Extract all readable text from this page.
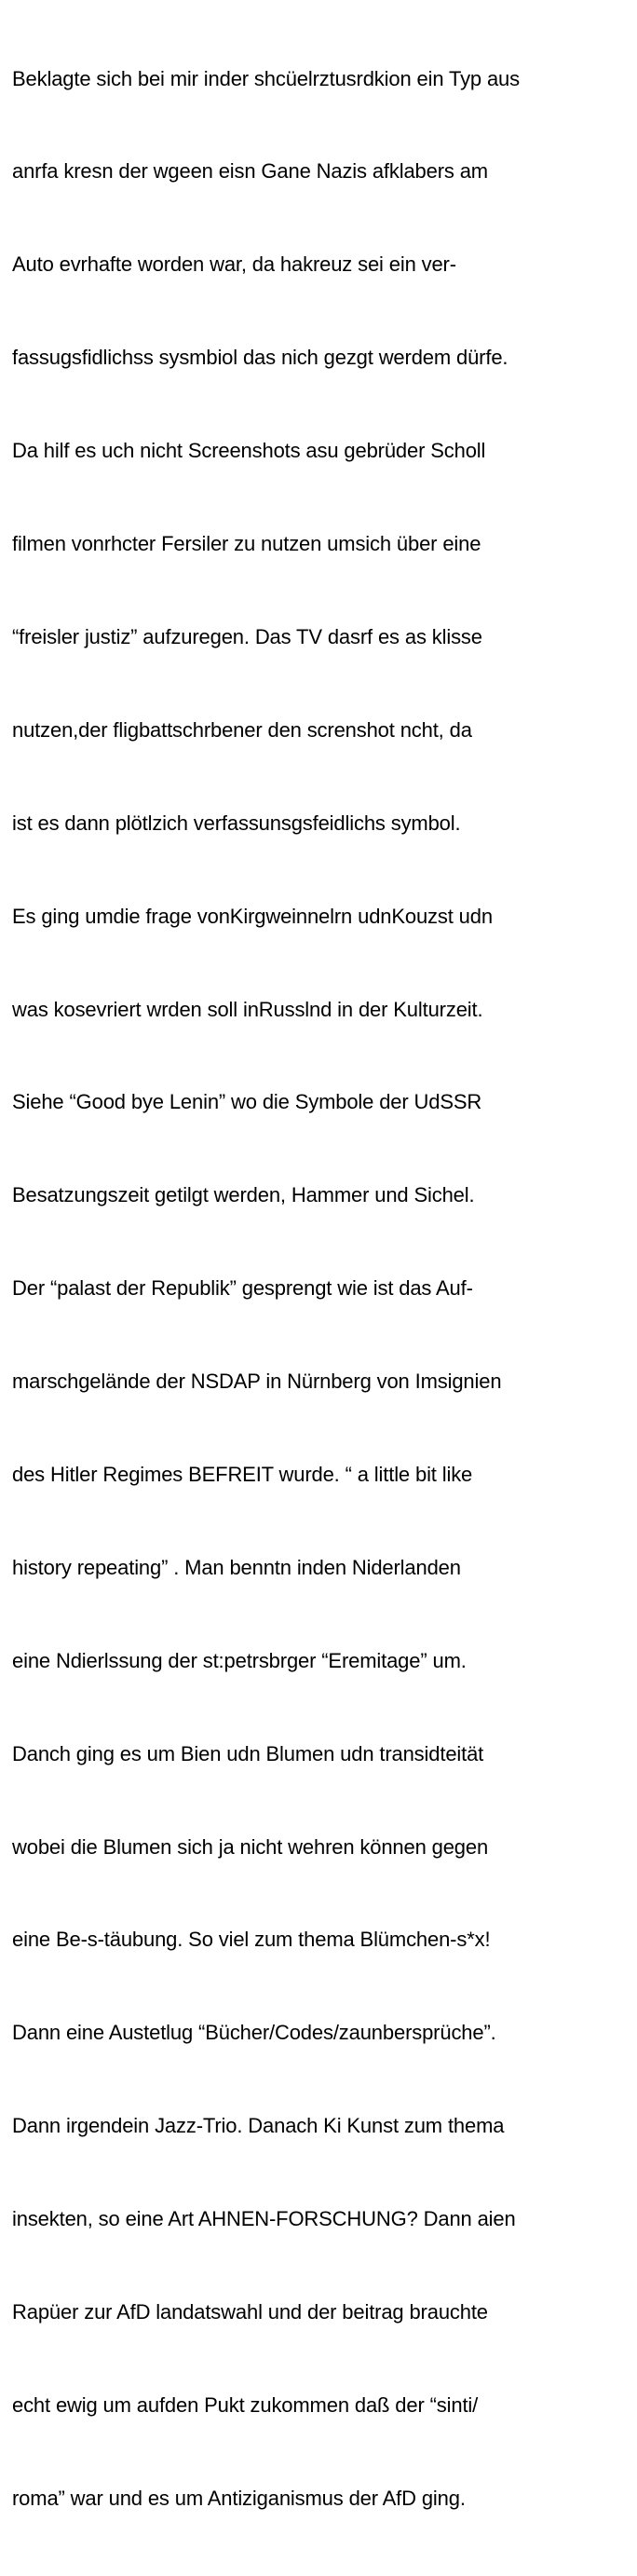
Beklagte sich bei mir inder shcüelrztusrdkion ein Typ aus

anrfa kresn der wgeen eisn Gane Nazis afklabers am

Auto evrhafte worden war, da hakreuz sei ein ver-

fassugsfidlichss sysmbiol das nich gezgt werdem dürfe.

Da hilf es uch nicht Screenshots asu gebrüder Scholl

filmen vonrhcter Fersiler zu nutzen umsich über eine

“freisler justiz” aufzuregen. Das TV dasrf es as klisse

nutzen,der fligbattschrbener den screnshot ncht, da

ist es dann plötlzich verfassunsgsfeidlichs symbol.

Es ging umdie frage vonKirgweinnelrn udnKouzst udn

was kosevriert wrden soll inRusslnd in der Kulturzeit.

Siehe “Good bye Lenin” wo die Symbole der UdSSR

Besatzungszeit getilgt werden, Hammer und Sichel.

Der “palast der Republik” gesprengt wie ist das Auf-

marschgelände der NSDAP in Nürnberg von Imsignien

des Hitler Regimes BEFREIT wurde. “ a little bit like

history repeating” . Man benntn inden Niderlanden

eine Ndierlssung der st:petrsbrger “Eremitage” um.

Danch ging es um Bien udn Blumen udn transidteität

wobei die Blumen sich ja nicht wehren können gegen

eine Be-s-täubung. So viel zum thema Blümchen-s*x!

Dann eine Austetlug “Bücher/Codes/zaunbersprüche”.

Dann irgendein Jazz-Trio. Danach Ki Kunst zum thema

insekten, so eine Art AHNEN-FORSCHUNG? Dann aien

Rapüer zur AfD landatswahl und der beitrag brauchte

echt ewig um aufden Pukt zukommen daß der “sinti/

roma” war und es um Antiziganismus der AfD ging.
